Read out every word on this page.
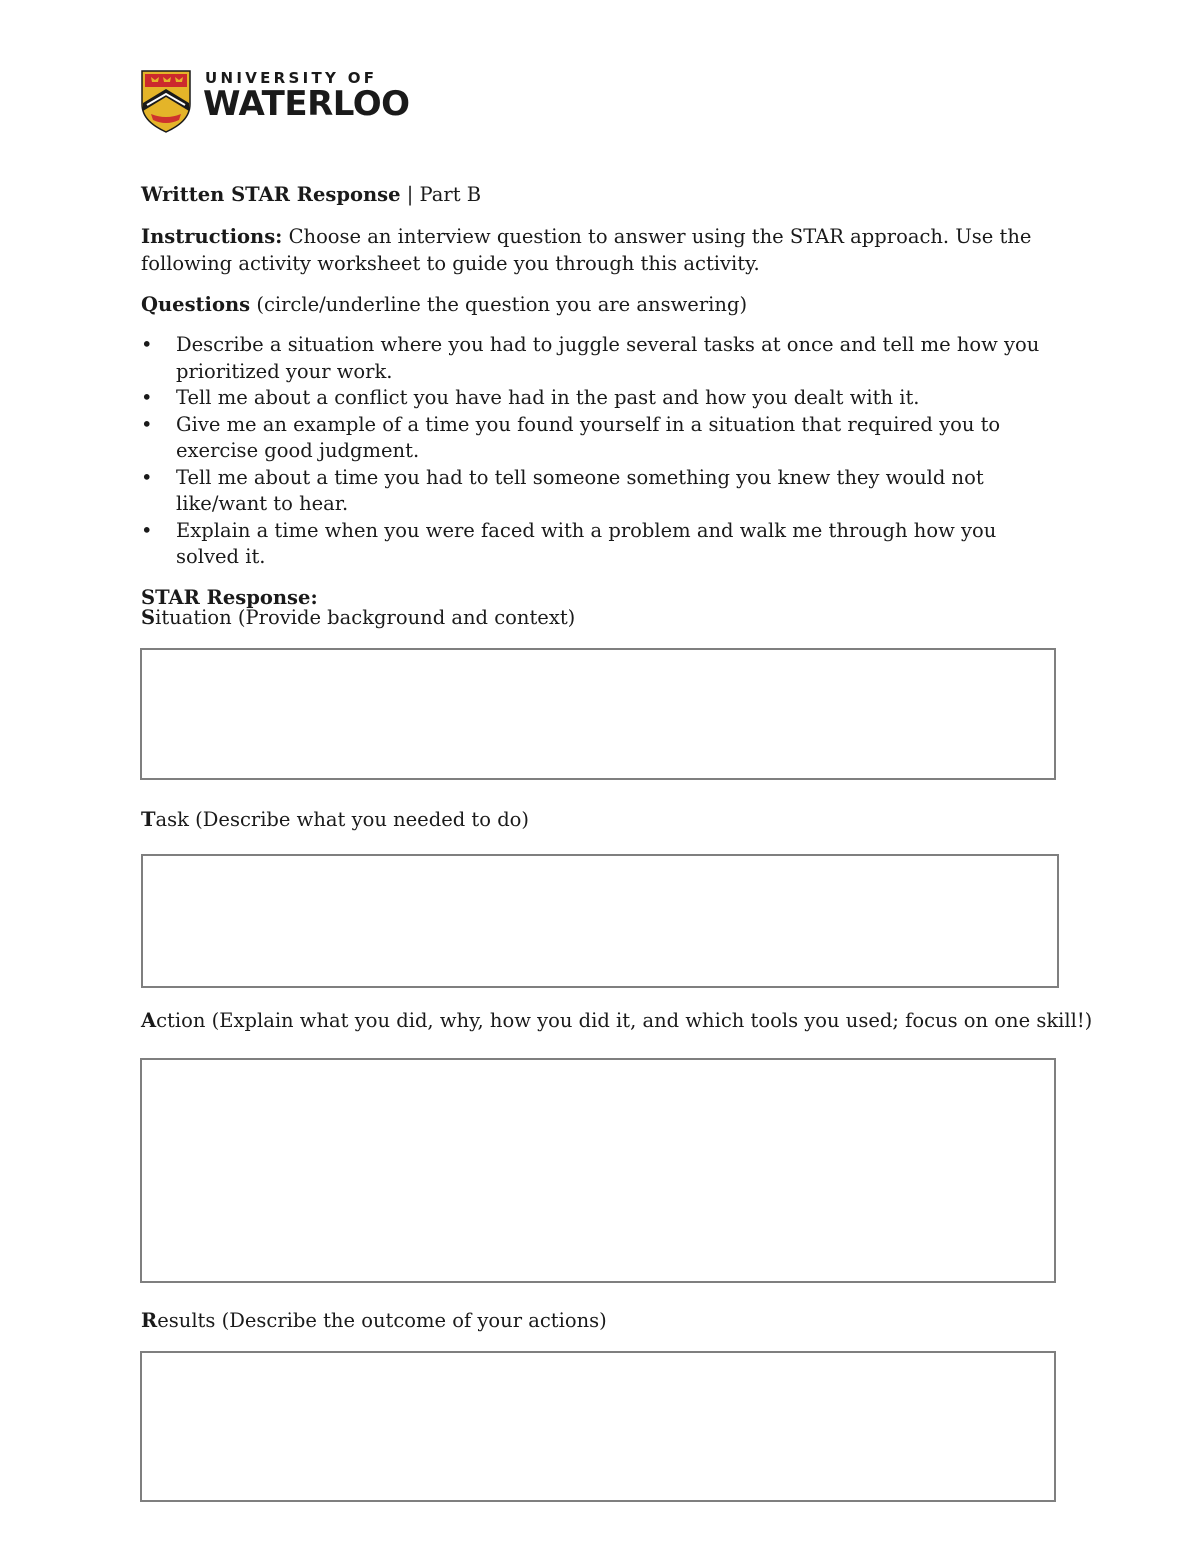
UNIVERSITY OF
WATERLOO

Written STAR Response | Part B

Instructions: Choose an interview question to answer using the STAR approach. Use the following activity worksheet to guide you through this activity.

Questions (circle/underline the question you are answering)

• Describe a situation where you had to juggle several tasks at once and tell me how you prioritized your work.
• Tell me about a conflict you have had in the past and how you dealt with it.
• Give me an example of a time you found yourself in a situation that required you to exercise good judgment.
• Tell me about a time you had to tell someone something you knew they would not like/want to hear.
• Explain a time when you were faced with a problem and walk me through how you solved it.

STAR Response:

Situation (Provide background and context)
Task (Describe what you needed to do)
Action (Explain what you did, why, how you did it, and which tools you used; focus on one skill!)
Results (Describe the outcome of your actions)
